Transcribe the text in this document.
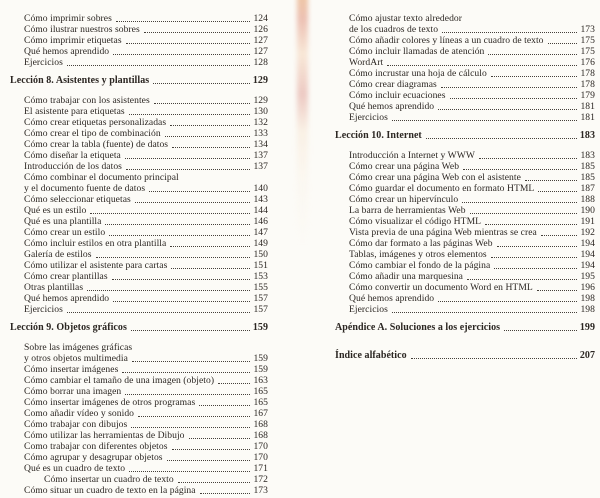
Cómo imprimir sobres	124
Cómo ilustrar nuestros sobres	126
Cómo imprimir etiquetas	127
Qué hemos aprendido	127
Ejercicios	128
Lección 8. Asistentes y plantillas	129
Cómo trabajar con los asistentes	129
El asistente para etiquetas	130
Cómo crear etiquetas personalizadas	132
Cómo crear el tipo de combinación	133
Cómo crear la tabla (fuente) de datos	134
Cómo diseñar la etiqueta	137
Introducción de los datos	137
Cómo combinar el documento principal
y el documento fuente de datos	140
Cómo seleccionar etiquetas	143
Qué es un estilo	144
Qué es una plantilla	146
Cómo crear un estilo	147
Cómo incluir estilos en otra plantilla	149
Galería de estilos	150
Cómo utilizar el asistente para cartas	151
Cómo crear plantillas	153
Otras plantillas	155
Qué hemos aprendido	157
Ejercicios	157
Lección 9. Objetos gráficos	159
Sobre las imágenes gráficas
y otros objetos multimedia	159
Cómo insertar imágenes	159
Cómo cambiar el tamaño de una imagen (objeto)	163
Cómo borrar una imagen	165
Cómo insertar imágenes de otros programas	165
Como añadir vídeo y sonido	167
Cómo trabajar con dibujos	168
Cómo utilizar las herramientas de Dibujo	168
Como trabajar con diferentes objetos	170
Cómo agrupar y desagrupar objetos	170
Qué es un cuadro de texto	171
Cómo insertar un cuadro de texto	172
Cómo situar un cuadro de texto en la página	173
Cómo ajustar texto alrededor
de los cuadros de texto	173
Cómo añadir colores y líneas a un cuadro de texto	175
Cómo incluir llamadas de atención	175
WordArt	176
Cómo incrustar una hoja de cálculo	178
Cómo crear diagramas	178
Cómo incluir ecuaciones	179
Qué hemos aprendido	181
Ejercicios	181
Lección 10. Internet	183
Introducción a Internet y WWW	183
Cómo crear una página Web	185
Cómo crear una página Web con el asistente	185
Cómo guardar el documento en formato HTML	187
Cómo crear un hipervínculo	188
La barra de herramientas Web	190
Cómo visualizar el código HTML	191
Vista previa de una página Web mientras se crea	192
Cómo dar formato a las páginas Web	194
Tablas, imágenes y otros elementos	194
Cómo cambiar el fondo de la página	194
Cómo añadir una marquesina	195
Cómo convertir un documento Word en HTML	196
Qué hemos aprendido	198
Ejercicios	198
Apéndice A. Soluciones a los ejercicios	199
Índice alfabético	207
